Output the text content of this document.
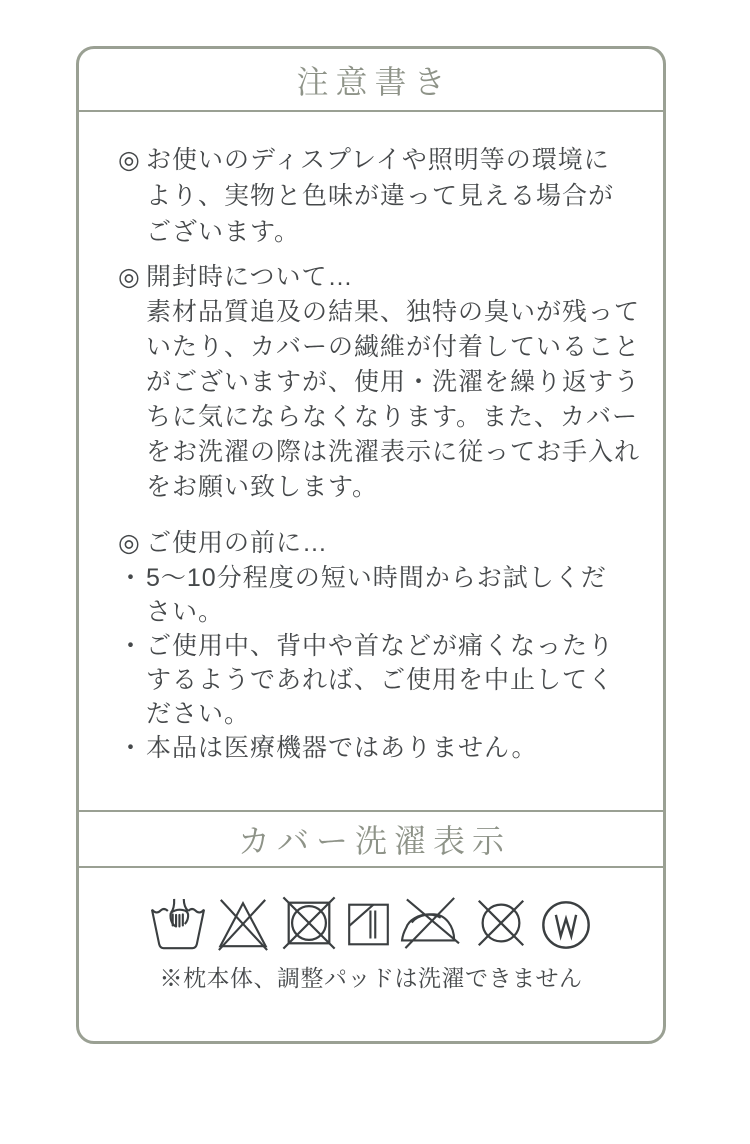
注意書き
◎ お使いのディスプレイや照明等の環境に
より、実物と色味が違って見える場合が
ございます。
◎ 開封時について…
素材品質追及の結果、独特の臭いが残って
いたり、カバーの繊維が付着していること
がございますが、使用・洗濯を繰り返すう
ちに気にならなくなります。また、カバー
をお洗濯の際は洗濯表示に従ってお手入れ
をお願い致します。
◎ ご使用の前に…
・ 5～10分程度の短い時間からお試しくだ
さい。
・ ご使用中、背中や首などが痛くなったり
するようであれば、ご使用を中止してく
ださい。
・ 本品は医療機器ではありません。
カバー洗濯表示
※枕本体、調整パッドは洗濯できません
